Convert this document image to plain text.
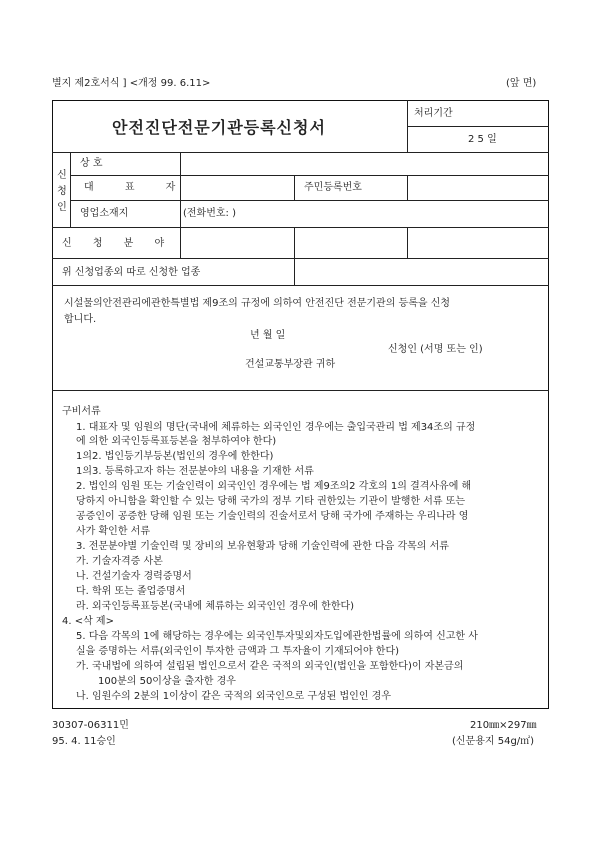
별지 제2호서식 ] <개정 99. 6.11>	(앞 면)
안전진단전문기관등록신청서
처리기간
2 5 일
신청인
상 호
대 표 자	주민등록번호
영업소재지	(전화번호: )
신 청 분 야
위 신청업종외 따로 신청한 업종
시설물의안전관리에관한특별법 제9조의 규정에 의하여 안전진단 전문기관의 등록을 신청
합니다.
년 월 일
신청인 (서명 또는 인)
건설교통부장관 귀하
구비서류
1. 대표자 및 임원의 명단(국내에 체류하는 외국인인 경우에는 출입국관리 법 제34조의 규정
에 의한 외국인등록표등본을 첨부하여야 한다)
1의2. 법인등기부등본(법인의 경우에 한한다)
1의3. 등록하고자 하는 전문분야의 내용을 기재한 서류
2. 법인의 임원 또는 기술인력이 외국인인 경우에는 법 제9조의2 각호의 1의 결격사유에 해
당하지 아니함을 확인할 수 있는 당해 국가의 정부 기타 권한있는 기관이 발행한 서류 또는
공증인이 공증한 당해 임원 또는 기술인력의 진술서로서 당해 국가에 주재하는 우리나라 영
사가 확인한 서류
3. 전문분야별 기술인력 및 장비의 보유현황과 당해 기술인력에 관한 다음 각목의 서류
가. 기술자격증 사본
나. 건설기술자 경력증명서
다. 학위 또는 졸업증명서
라. 외국인등록표등본(국내에 체류하는 외국인인 경우에 한한다)
4. <삭 제>
5. 다음 각목의 1에 해당하는 경우에는 외국인투자및외자도입에관한법률에 의하여 신고한 사
실을 증명하는 서류(외국인이 투자한 금액과 그 투자율이 기재되어야 한다)
가. 국내법에 의하여 설립된 법인으로서 같은 국적의 외국인(법인을 포함한다)이 자본금의
100분의 50이상을 출자한 경우
나. 임원수의 2분의 1이상이 같은 국적의 외국인으로 구성된 법인인 경우
30307-06311민
95. 4. 11승인
210㎜×297㎜
(신문용지 54g/㎡)
